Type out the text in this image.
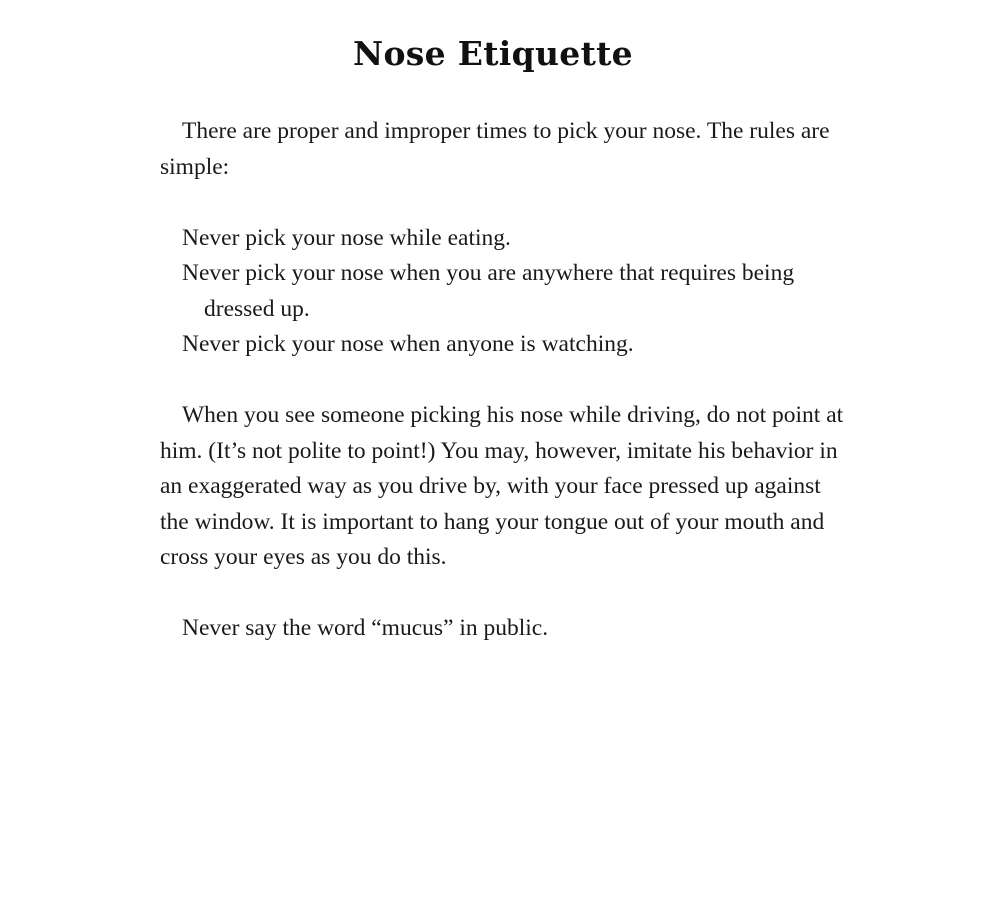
Nose Etiquette

There are proper and improper times to pick your nose. The rules are simple:

Never pick your nose while eating.
Never pick your nose when you are anywhere that requires being dressed up.
Never pick your nose when anyone is watching.

When you see someone picking his nose while driving, do not point at him. (It’s not polite to point!) You may, however, imitate his behavior in an exaggerated way as you drive by, with your face pressed up against the window. It is important to hang your tongue out of your mouth and cross your eyes as you do this.

Never say the word “mucus” in public.
